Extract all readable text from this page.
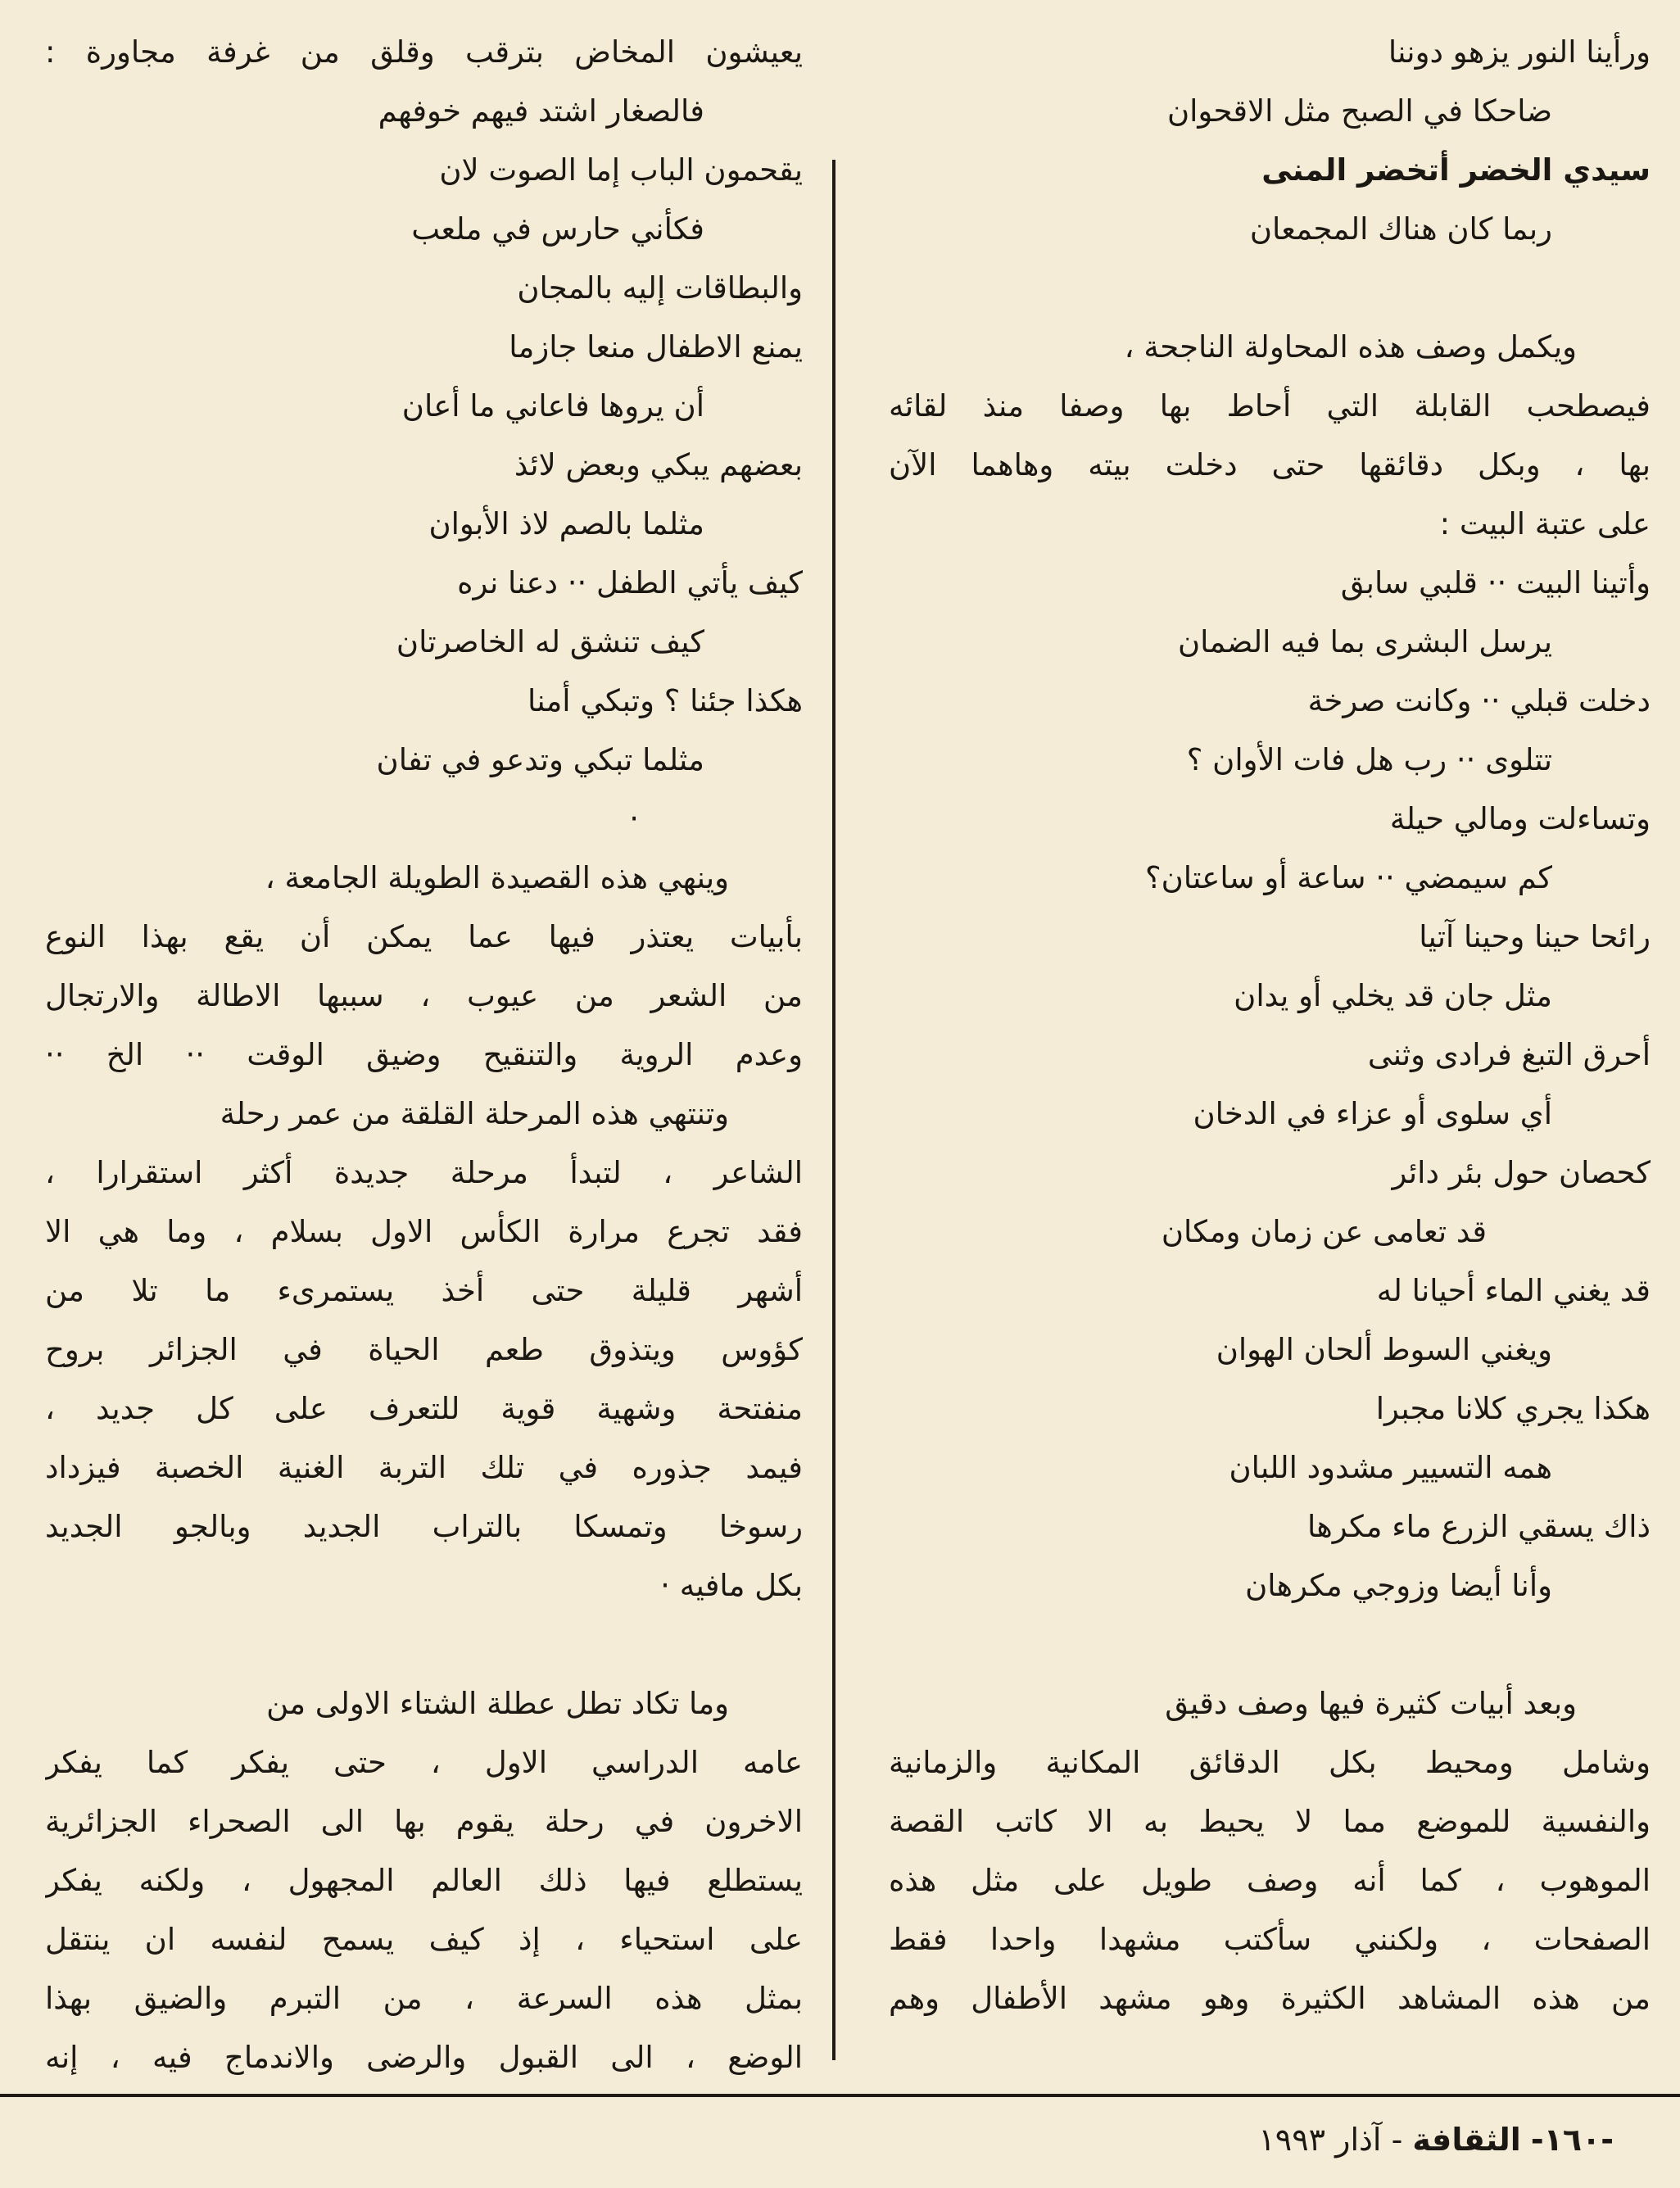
ورأينا النور يزهو دوننا
ضاحكا في الصبح مثل الاقحوان
سيدي الخضر أتخضر المنى
ربما كان هناك المجمعان
ويكمل وصف هذه المحاولة الناجحة ،
فيصطحب القابلة التي أحاط بها وصفا منذ لقائه
بها ، وبكل دقائقها حتى دخلت بيته وهاهما الآن
على عتبة البيت :
وأتينا البيت ·· قلبي سابق
يرسل البشرى بما فيه الضمان
دخلت قبلي ·· وكانت صرخة
تتلوى ·· رب هل فات الأوان ؟
وتساءلت ومالي حيلة
كم سيمضي ·· ساعة أو ساعتان؟
رائحا حينا وحينا آتيا
مثل جان قد يخلي أو يدان
أحرق التبغ فرادى وثنى
أي سلوى أو عزاء في الدخان
كحصان حول بئر دائر
قد تعامى عن زمان ومكان
قد يغني الماء أحيانا له
ويغني السوط ألحان الهوان
هكذا يجري كلانا مجبرا
همه التسيير مشدود اللبان
ذاك يسقي الزرع ماء مكرها
وأنا أيضا وزوجي مكرهان
وبعد أبيات كثيرة فيها وصف دقيق
وشامل ومحيط بكل الدقائق المكانية والزمانية
والنفسية للموضع مما لا يحيط به الا كاتب القصة
الموهوب ، كما أنه وصف طويل على مثل هذه
الصفحات ، ولكنني سأكتب مشهدا واحدا فقط
من هذه المشاهد الكثيرة وهو مشهد الأطفال وهم
يعيشون المخاض بترقب وقلق من غرفة مجاورة :
فالصغار اشتد فيهم خوفهم
يقحمون الباب إما الصوت لان
فكأني حارس في ملعب
والبطاقات إليه بالمجان
يمنع الاطفال منعا جازما
أن يروها فاعاني ما أعان
بعضهم يبكي وبعض لائذ
مثلما بالصم لاذ الأبوان
كيف يأتي الطفل ·· دعنا نره
كيف تنشق له الخاصرتان
هكذا جئنا ؟ وتبكي أمنا
مثلما تبكي وتدعو في تفان
·
وينهي هذه القصيدة الطويلة الجامعة ،
بأبيات يعتذر فيها عما يمكن أن يقع بهذا النوع
من الشعر من عيوب ، سببها الاطالة والارتجال
وعدم الروية والتنقيح وضيق الوقت ·· الخ ··
وتنتهي هذه المرحلة القلقة من عمر رحلة
الشاعر ، لتبدأ مرحلة جديدة أكثر استقرارا ،
فقد تجرع مرارة الكأس الاول بسلام ، وما هي الا
أشهر قليلة حتى أخذ يستمرىء ما تلا من
كؤوس ويتذوق طعم الحياة في الجزائر بروح
منفتحة وشهية قوية للتعرف على كل جديد ،
فيمد جذوره في تلك التربة الغنية الخصبة فيزداد
رسوخا وتمسكا بالتراب الجديد وبالجو الجديد
بكل مافيه ·
وما تكاد تطل عطلة الشتاء الاولى من
عامه الدراسي الاول ، حتى يفكر كما يفكر
الاخرون في رحلة يقوم بها الى الصحراء الجزائرية
يستطلع فيها ذلك العالم المجهول ، ولكنه يفكر
على استحياء ، إذ كيف يسمح لنفسه ان ينتقل
بمثل هذه السرعة ، من التبرم والضيق بهذا
الوضع ، الى القبول والرضى والاندماج فيه ، إنه
-١٦٠- الثقافة - آذار ١٩٩٣
